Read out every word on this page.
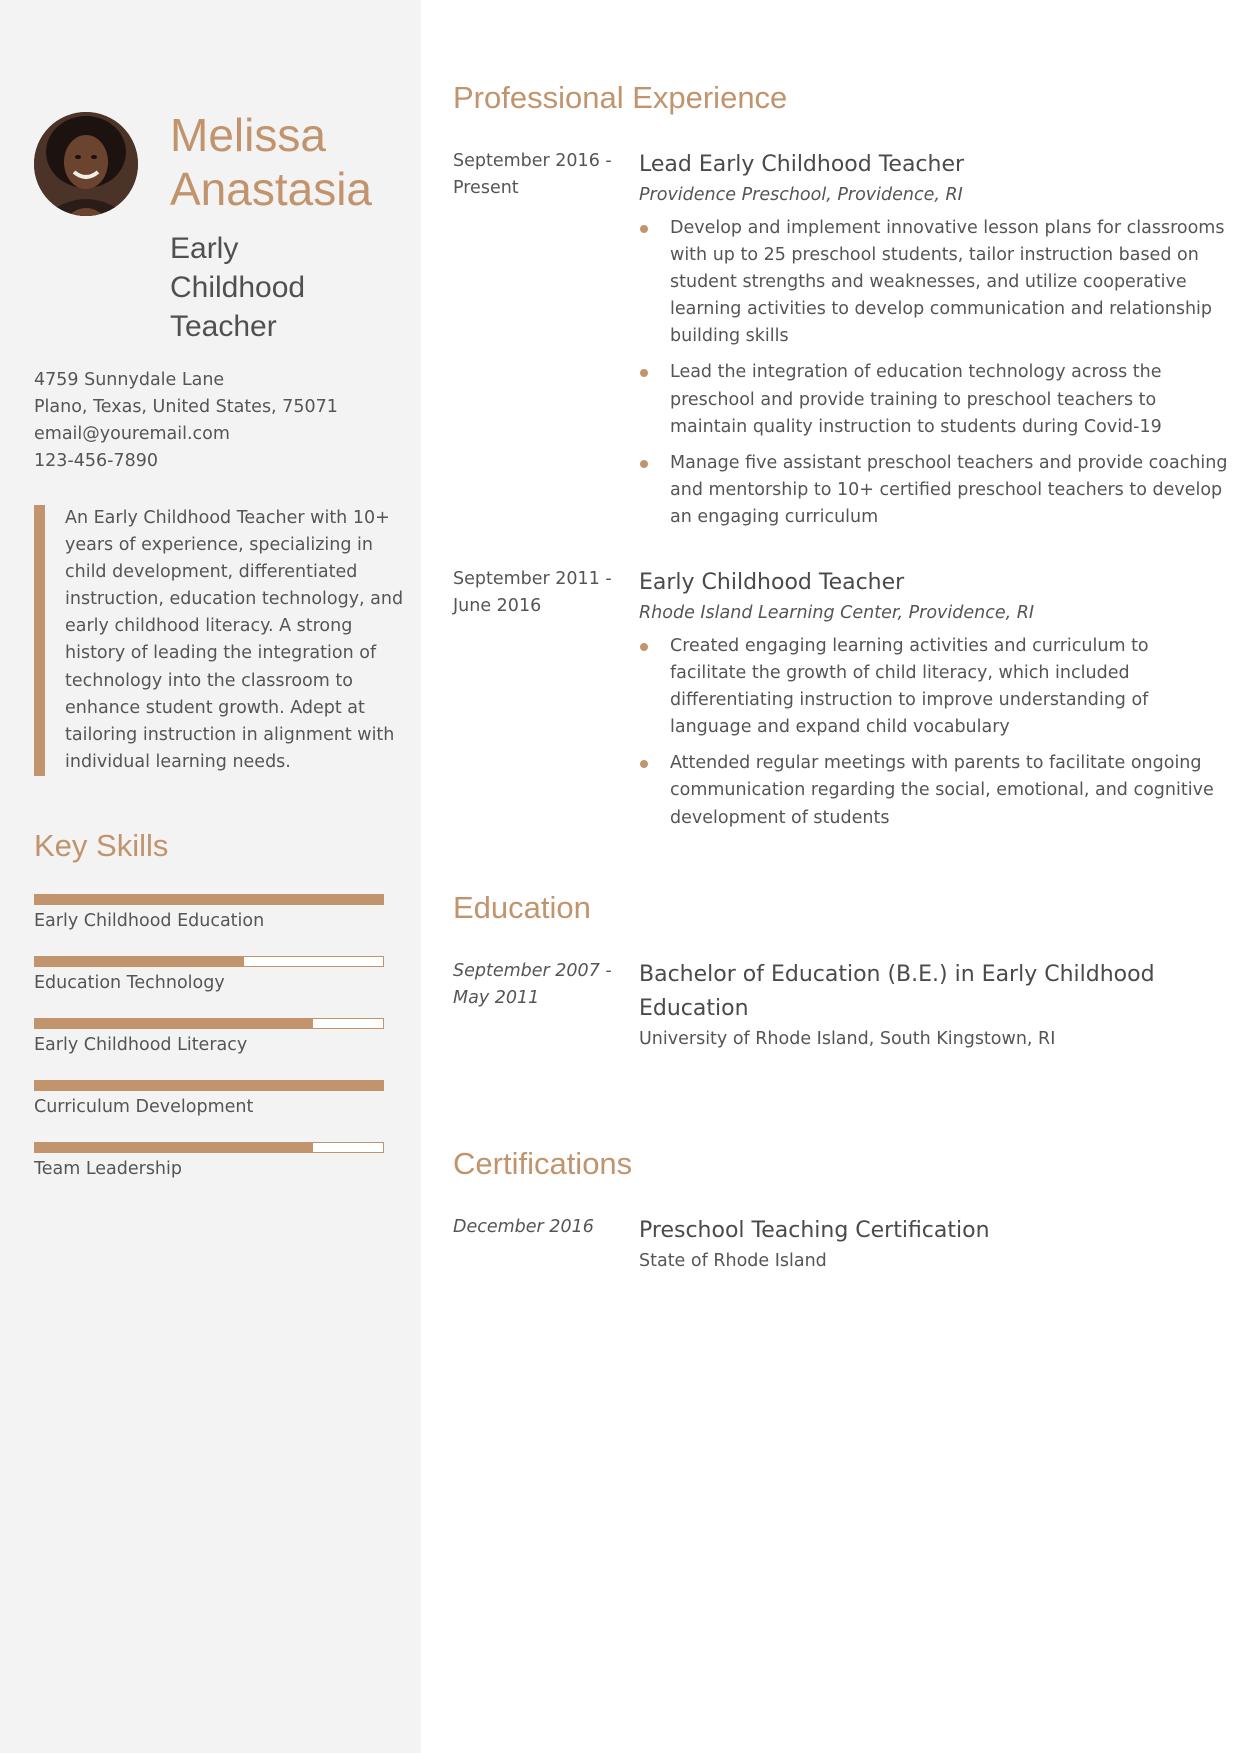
Melissa
Anastasia
Early
Childhood
Teacher
4759 Sunnydale Lane
Plano, Texas, United States, 75071
email@youremail.com
123-456-7890
An Early Childhood Teacher with 10+
years of experience, specializing in
child development, differentiated
instruction, education technology, and
early childhood literacy. A strong
history of leading the integration of
technology into the classroom to
enhance student growth. Adept at
tailoring instruction in alignment with
individual learning needs.
Key Skills
Early Childhood Education
Education Technology
Early Childhood Literacy
Curriculum Development
Team Leadership
Professional Experience
September 2016 -
Present
Lead Early Childhood Teacher
Providence Preschool, Providence, RI
Develop and implement innovative lesson plans for classrooms
with up to 25 preschool students, tailor instruction based on
student strengths and weaknesses, and utilize cooperative
learning activities to develop communication and relationship
building skills
Lead the integration of education technology across the
preschool and provide training to preschool teachers to
maintain quality instruction to students during Covid-19
Manage five assistant preschool teachers and provide coaching
and mentorship to 10+ certified preschool teachers to develop
an engaging curriculum
September 2011 -
June 2016
Early Childhood Teacher
Rhode Island Learning Center, Providence, RI
Created engaging learning activities and curriculum to
facilitate the growth of child literacy, which included
differentiating instruction to improve understanding of
language and expand child vocabulary
Attended regular meetings with parents to facilitate ongoing
communication regarding the social, emotional, and cognitive
development of students
Education
September 2007 -
May 2011
Bachelor of Education (B.E.) in Early Childhood
Education
University of Rhode Island, South Kingstown, RI
Certifications
December 2016 Preschool Teaching Certification
State of Rhode Island
